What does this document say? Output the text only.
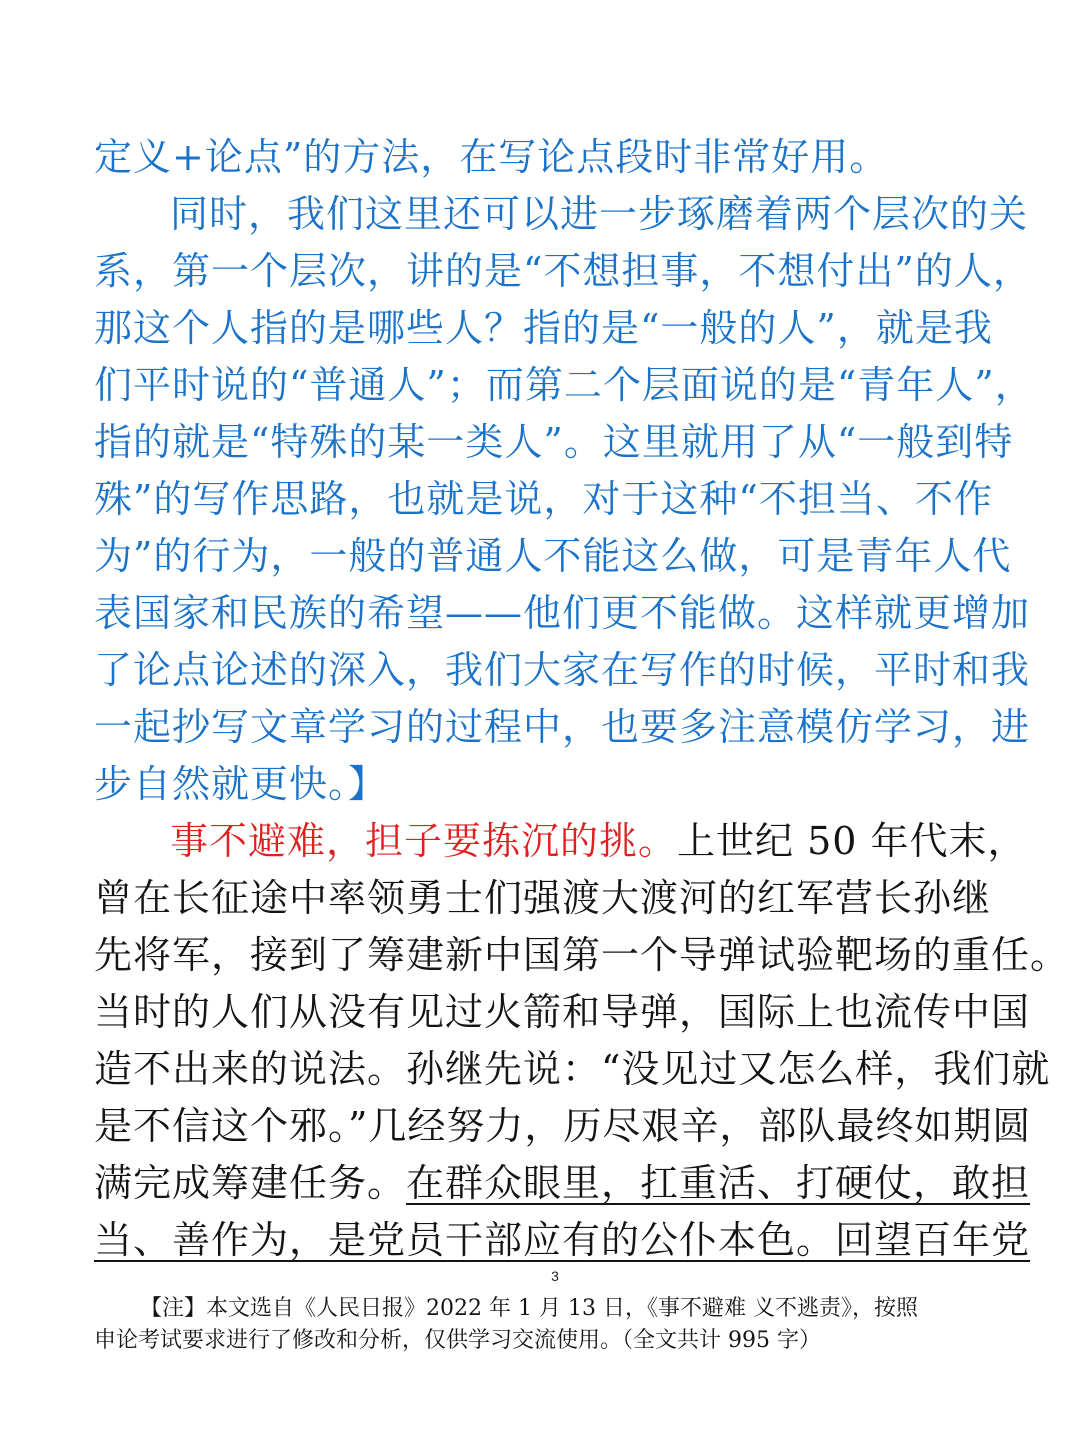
定义+论点”的方法，在写论点段时非常好用。
同时，我们这里还可以进一步琢磨着两个层次的关
系，第一个层次，讲的是“不想担事，不想付出”的人，
那这个人指的是哪些人？指的是“一般的人”，就是我
们平时说的“普通人”；而第二个层面说的是“青年人”，
指的就是“特殊的某一类人”。这里就用了从“一般到特
殊”的写作思路，也就是说，对于这种“不担当、不作
为”的行为，一般的普通人不能这么做，可是青年人代
表国家和民族的希望——他们更不能做。这样就更增加
了论点论述的深入，我们大家在写作的时候，平时和我
一起抄写文章学习的过程中，也要多注意模仿学习，进
步自然就更快。】
事不避难，担子要拣沉的挑。上世纪 50 年代末，
曾在长征途中率领勇士们强渡大渡河的红军营长孙继
先将军，接到了筹建新中国第一个导弹试验靶场的重任。
当时的人们从没有见过火箭和导弹，国际上也流传中国
造不出来的说法。孙继先说：“没见过又怎么样，我们就
是不信这个邪。”几经努力，历尽艰辛，部队最终如期圆
满完成筹建任务。在群众眼里，扛重活、打硬仗，敢担
当、善作为，是党员干部应有的公仆本色。回望百年党
3
【注】本文选自《人民日报》2022 年 1 月 13 日，《事不避难 义不逃责》，按照
申论考试要求进行了修改和分析，仅供学习交流使用。（全文共计 995 字）
